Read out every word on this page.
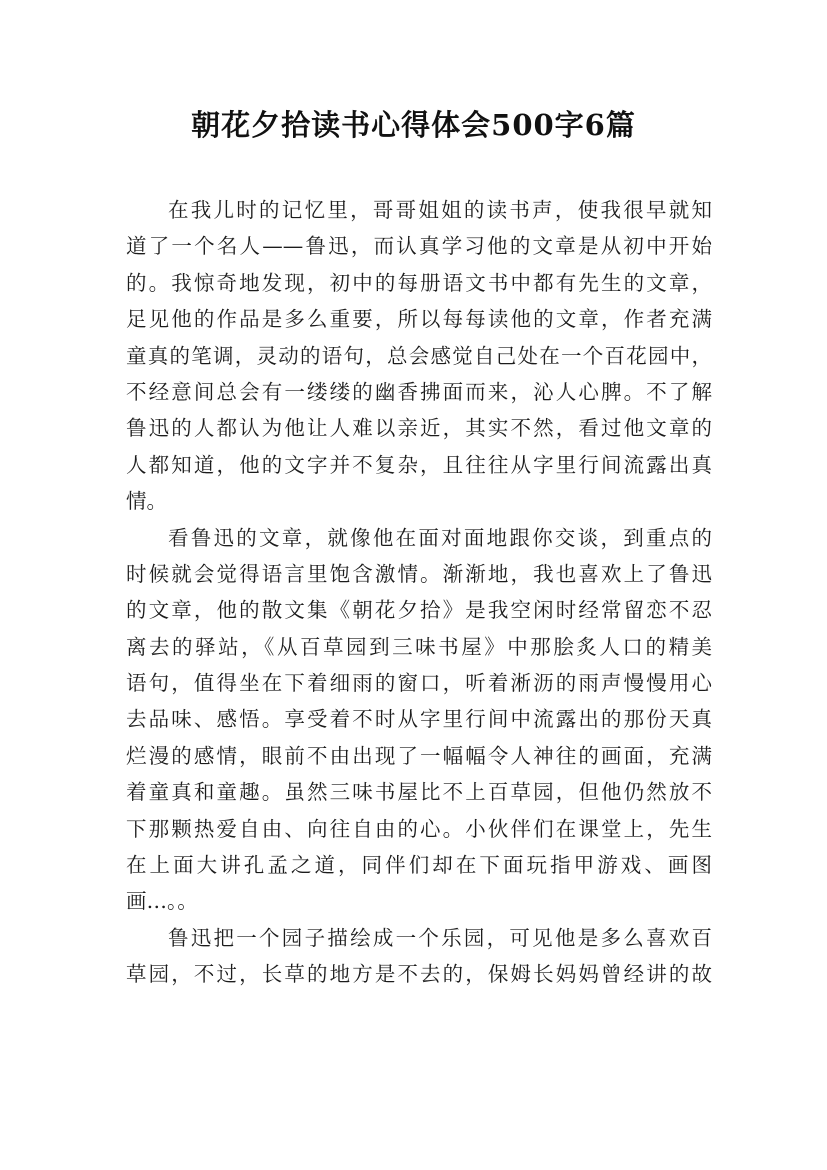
朝花夕拾读书心得体会500字6篇
在我儿时的记忆里，哥哥姐姐的读书声，使我很早就知
道了一个名人——鲁迅，而认真学习他的文章是从初中开始
的。我惊奇地发现，初中的每册语文书中都有先生的文章，
足见他的作品是多么重要，所以每每读他的文章，作者充满
童真的笔调，灵动的语句，总会感觉自己处在一个百花园中，
不经意间总会有一缕缕的幽香拂面而来，沁人心脾。不了解
鲁迅的人都认为他让人难以亲近，其实不然，看过他文章的
人都知道，他的文字并不复杂，且往往从字里行间流露出真
情。
看鲁迅的文章，就像他在面对面地跟你交谈，到重点的
时候就会觉得语言里饱含激情。渐渐地，我也喜欢上了鲁迅
的文章，他的散文集《朝花夕拾》是我空闲时经常留恋不忍
离去的驿站，《从百草园到三味书屋》中那脍炙人口的精美
语句，值得坐在下着细雨的窗口，听着淅沥的雨声慢慢用心
去品味、感悟。享受着不时从字里行间中流露出的那份天真
烂漫的感情，眼前不由出现了一幅幅令人神往的画面，充满
着童真和童趣。虽然三味书屋比不上百草园，但他仍然放不
下那颗热爱自由、向往自由的心。小伙伴们在课堂上，先生
在上面大讲孔孟之道，同伴们却在下面玩指甲游戏、画图
画…。。
鲁迅把一个园子描绘成一个乐园，可见他是多么喜欢百
草园，不过，长草的地方是不去的，保姆长妈妈曾经讲的故
